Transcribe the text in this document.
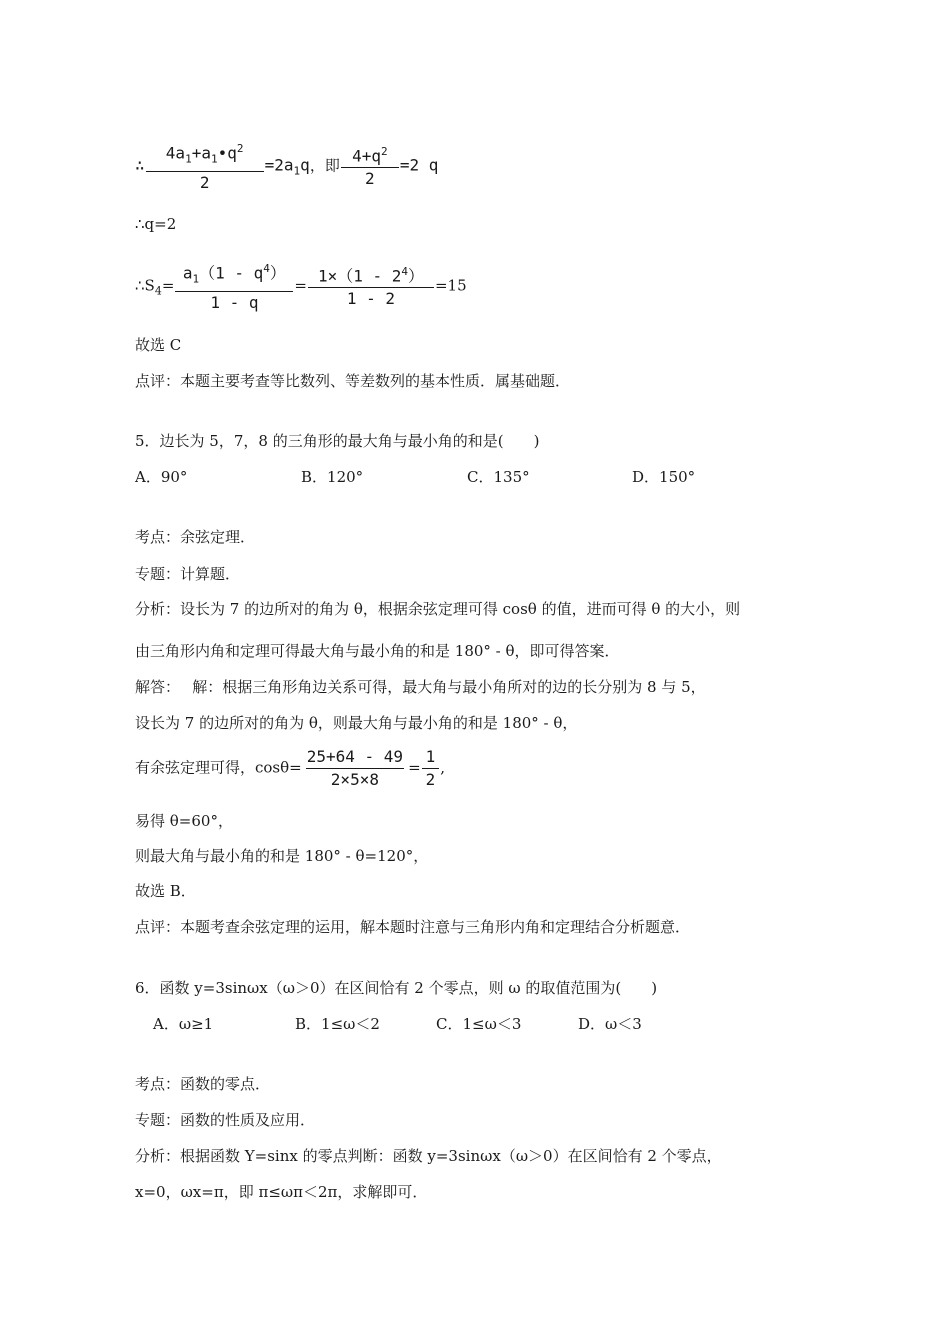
∴ $\frac{4a_1+a_1•q^2}{2} =2a_1q$，即 $\frac{4+q^2}{2} =2$ q
∴q=2
$\therefore S_4= \frac{a_1(1 - q^4)}{1 - q} = \frac{1\times(1 - 2^4)}{1 - 2} =15$
故选 C
点评：本题主要考查等比数列、等差数列的基本性质．属基础题．
5．边长为 5，7，8 的三角形的最大角与最小角的和是(　　)
A．90°	B．120°	C．135°	D．150°
考点：余弦定理．
专题：计算题．
分析：设长为 7 的边所对的角为 θ，根据余弦定理可得 cosθ 的值，进而可得 θ 的大小，则
由三角形内角和定理可得最大角与最小角的和是 180° - θ，即可得答案．
解答：　 解：根据三角形角边关系可得，最大角与最小角所对的边的长分别为 8 与 5，
设长为 7 的边所对的角为 θ，则最大角与最小角的和是 180° - θ，
有余弦定理可得，$\cos\theta= \frac{25+64 - 49}{2\times 5\times 8} = \frac{1}{2}$ ,
易得 θ=60°，
则最大角与最小角的和是 180° - θ=120°，
故选 B．
点评：本题考查余弦定理的运用，解本题时注意与三角形内角和定理结合分析题意．
6．函数 y=3sinωx（ω＞0）在区间恰有 2 个零点，则 ω 的取值范围为(　　)
A．ω≥1	B．1≤ω＜2	C．1≤ω＜3	D．ω＜3
考点：函数的零点．
专题：函数的性质及应用．
分析：根据函数 Y=sinx 的零点判断：函数 y=3sinωx（ω＞0）在区间恰有 2 个零点，
x=0，ωx=π，即 π≤ωπ＜2π，求解即可．
